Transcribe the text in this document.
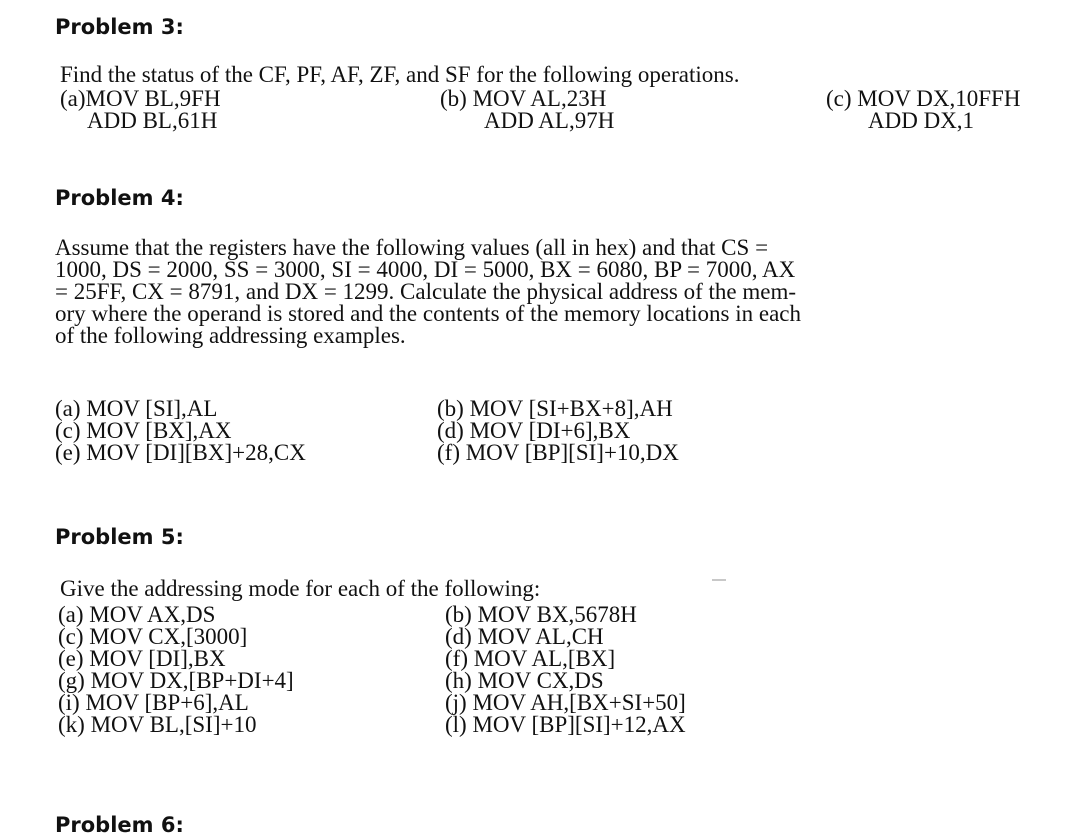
Problem 3:
Find the status of the CF, PF, AF, ZF, and SF for the following operations.
(a)MOV BL,9FH
ADD BL,61H
(b) MOV AL,23H
ADD AL,97H
(c) MOV DX,10FFH
ADD DX,1
Problem 4:
Assume that the registers have the following values (all in hex) and that CS =
1000, DS = 2000, SS = 3000, SI = 4000, DI = 5000, BX = 6080, BP = 7000, AX
= 25FF, CX = 8791, and DX = 1299. Calculate the physical address of the mem-
ory where the operand is stored and the contents of the memory locations in each
of the following addressing examples.
(a) MOV [SI],AL
(c) MOV [BX],AX
(e) MOV [DI][BX]+28,CX
(b) MOV [SI+BX+8],AH
(d) MOV [DI+6],BX
(f) MOV [BP][SI]+10,DX
Problem 5:
Give the addressing mode for each of the following:
(a) MOV AX,DS
(c) MOV CX,[3000]
(e) MOV [DI],BX
(g) MOV DX,[BP+DI+4]
(i) MOV [BP+6],AL
(k) MOV BL,[SI]+10
(b) MOV BX,5678H
(d) MOV AL,CH
(f) MOV AL,[BX]
(h) MOV CX,DS
(j) MOV AH,[BX+SI+50]
(l) MOV [BP][SI]+12,AX
Problem 6:
